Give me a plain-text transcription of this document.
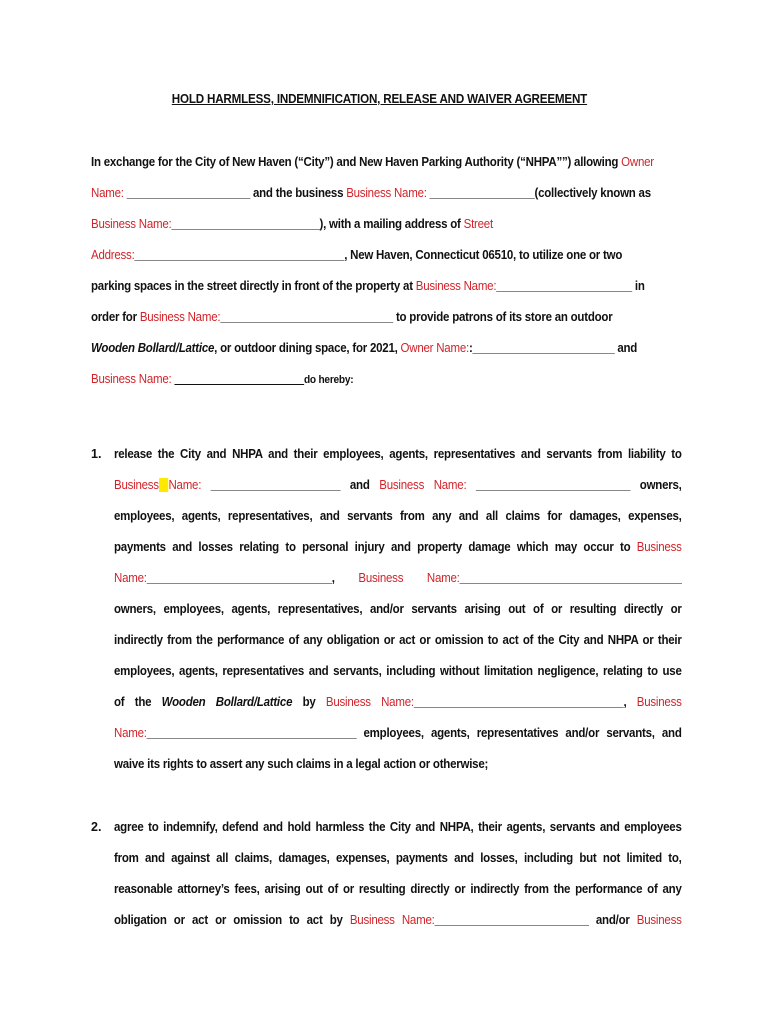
HOLD HARMLESS, INDEMNIFICATION, RELEASE AND WAIVER AGREEMENT
In exchange for the City of New Haven (“City”) and New Haven Parking Authority (“NHPA””) allowing Owner
Name: ____________________ and the business Business Name: _________________(collectively known as
Business Name:________________________), with a mailing address of Street
Address:__________________________________, New Haven, Connecticut 06510, to utilize one or two
parking spaces in the street directly in front of the property at Business Name:______________________ in
order for Business Name:____________________________ to provide patrons of its store an outdoor
Wooden Bollard/Lattice, or outdoor dining space, for 2021, Owner Name::_______________________ and
Business Name: _____________________do hereby:
1. release the City and NHPA and their employees, agents, representatives and servants from liability to
Business Name: _____________________ and Business Name: _________________________ owners,
employees, agents, representatives, and servants from any and all claims for damages, expenses,
payments and losses relating to personal injury and property damage which may occur to Business
Name:______________________________, Business Name:____________________________________
owners, employees, agents, representatives, and/or servants arising out of or resulting directly or
indirectly from the performance of any obligation or act or omission to act of the City and NHPA or their
employees, agents, representatives and servants, including without limitation negligence, relating to use
of the Wooden Bollard/Lattice by Business Name:__________________________________, Business
Name:__________________________________ employees, agents, representatives and/or servants, and
waive its rights to assert any such claims in a legal action or otherwise;
2. agree to indemnify, defend and hold harmless the City and NHPA, their agents, servants and employees
from and against all claims, damages, expenses, payments and losses, including but not limited to,
reasonable attorney’s fees, arising out of or resulting directly or indirectly from the performance of any
obligation or act or omission to act by Business Name:_________________________ and/or Business
